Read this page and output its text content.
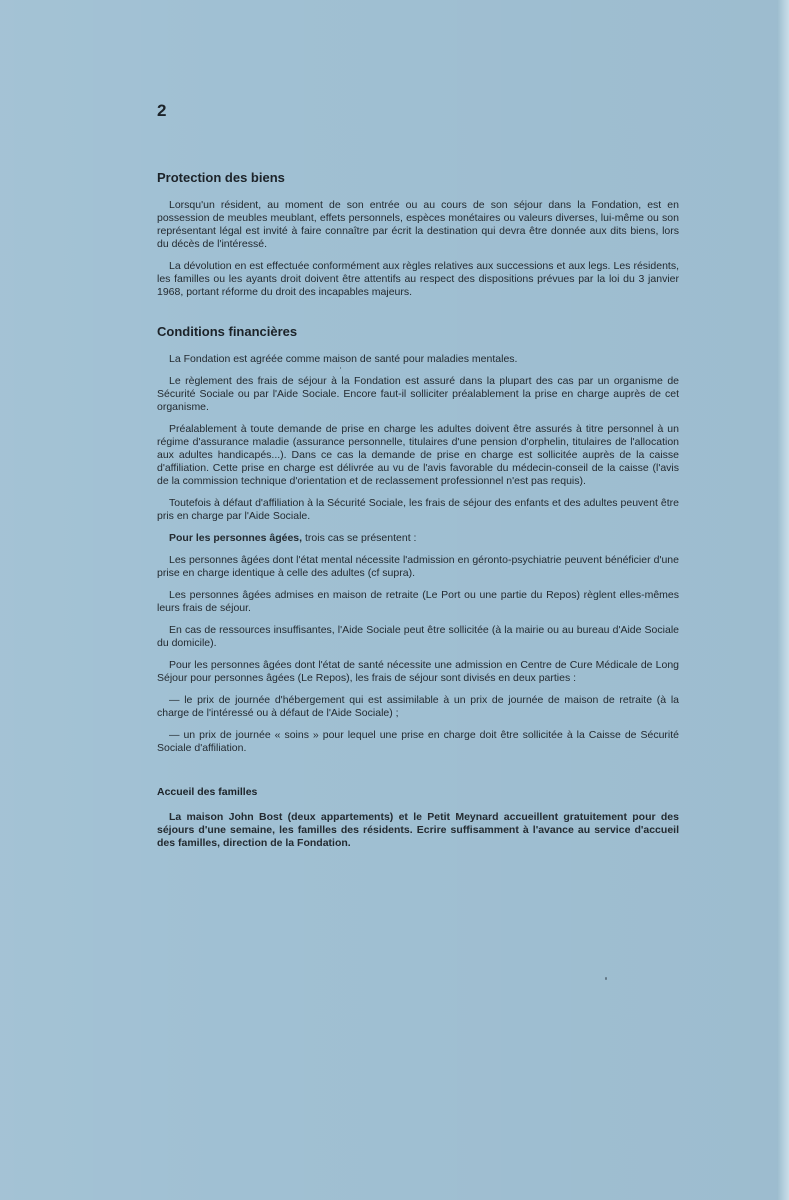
2
Protection des biens

Lorsqu'un résident, au moment de son entrée ou au cours de son séjour dans la Fondation, est en possession de meubles meublant, effets personnels, espèces monétaires ou valeurs diverses, lui-même ou son représentant légal est invité à faire connaître par écrit la destination qui devra être donnée aux dits biens, lors du décès de l'intéressé.

La dévolution en est effectuée conformément aux règles relatives aux successions et aux legs. Les résidents, les familles ou les ayants droit doivent être attentifs au respect des dispositions prévues par la loi du 3 janvier 1968, portant réforme du droit des incapables majeurs.

Conditions financières

La Fondation est agréée comme maison de santé pour maladies mentales.

Le règlement des frais de séjour à la Fondation est assuré dans la plupart des cas par un organisme de Sécurité Sociale ou par l'Aide Sociale. Encore faut-il solliciter préalablement la prise en charge auprès de cet organisme.

Préalablement à toute demande de prise en charge les adultes doivent être assurés à titre personnel à un régime d'assurance maladie (assurance personnelle, titulaires d'une pension d'orphelin, titulaires de l'allocation aux adultes handicapés...). Dans ce cas la demande de prise en charge est sollicitée auprès de la caisse d'affiliation. Cette prise en charge est délivrée au vu de l'avis favorable du médecin-conseil de la caisse (l'avis de la commission technique d'orientation et de reclassement professionnel n'est pas requis).

Toutefois à défaut d'affiliation à la Sécurité Sociale, les frais de séjour des enfants et des adultes peuvent être pris en charge par l'Aide Sociale.

Pour les personnes âgées, trois cas se présentent :

Les personnes âgées dont l'état mental nécessite l'admission en géronto-psychiatrie peuvent bénéficier d'une prise en charge identique à celle des adultes (cf supra).

Les personnes âgées admises en maison de retraite (Le Port ou une partie du Repos) règlent elles-mêmes leurs frais de séjour.

En cas de ressources insuffisantes, l'Aide Sociale peut être sollicitée (à la mairie ou au bureau d'Aide Sociale du domicile).

Pour les personnes âgées dont l'état de santé nécessite une admission en Centre de Cure Médicale de Long Séjour pour personnes âgées (Le Repos), les frais de séjour sont divisés en deux parties :

— le prix de journée d'hébergement qui est assimilable à un prix de journée de maison de retraite (à la charge de l'intéressé ou à défaut de l'Aide Sociale) ;

— un prix de journée « soins » pour lequel une prise en charge doit être sollicitée à la Caisse de Sécurité Sociale d'affiliation.

Accueil des familles

La maison John Bost (deux appartements) et le Petit Meynard accueillent gratuitement pour des séjours d'une semaine, les familles des résidents. Ecrire suffisamment à l'avance au service d'accueil des familles, direction de la Fondation.
